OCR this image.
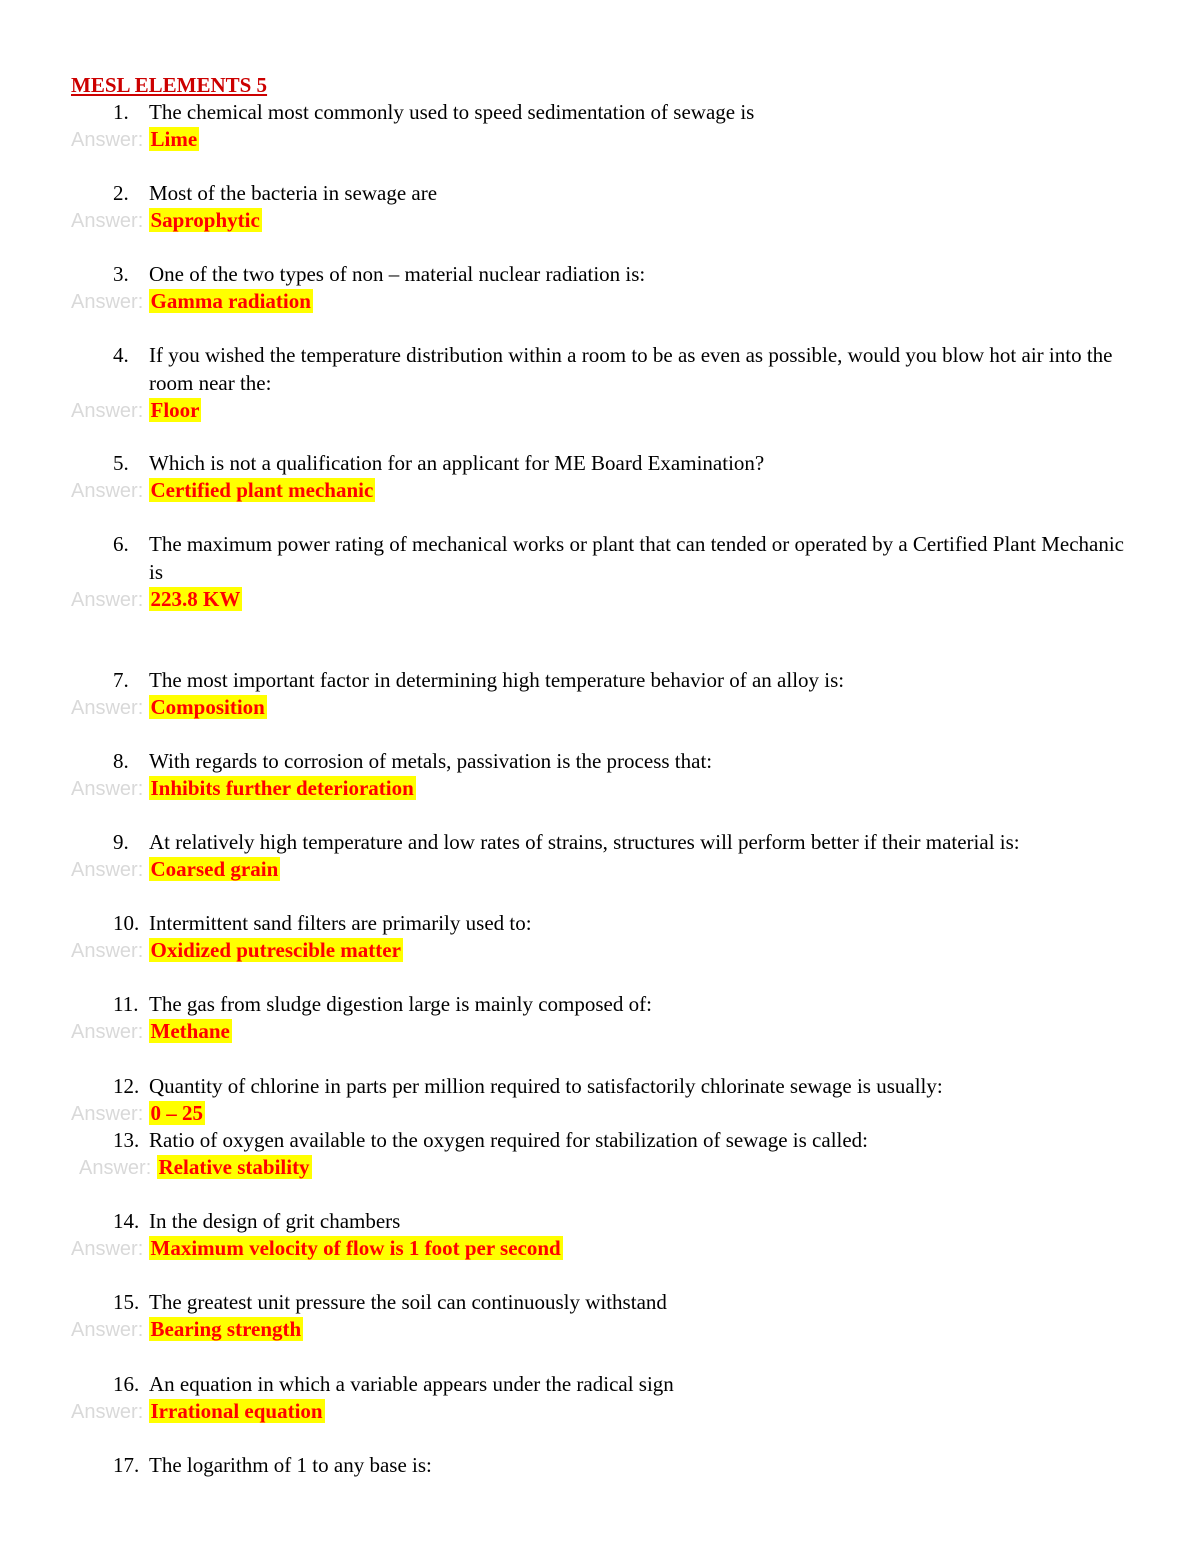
MESL ELEMENTS 5
1. The chemical most commonly used to speed sedimentation of sewage is
Answer: Lime
2. Most of the bacteria in sewage are
Answer: Saprophytic
3. One of the two types of non – material nuclear radiation is:
Answer: Gamma radiation
4. If you wished the temperature distribution within a room to be as even as possible, would you blow hot air into the room near the:
Answer: Floor
5. Which is not a qualification for an applicant for ME Board Examination?
Answer: Certified plant mechanic
6. The maximum power rating of mechanical works or plant that can tended or operated by a Certified Plant Mechanic is
Answer: 223.8 KW
7. The most important factor in determining high temperature behavior of an alloy is:
Answer: Composition
8. With regards to corrosion of metals, passivation is the process that:
Answer: Inhibits further deterioration
9. At relatively high temperature and low rates of strains, structures will perform better if their material is:
Answer: Coarsed grain
10. Intermittent sand filters are primarily used to:
Answer: Oxidized putrescible matter
11. The gas from sludge digestion large is mainly composed of:
Answer: Methane
12. Quantity of chlorine in parts per million required to satisfactorily chlorinate sewage is usually:
Answer: 0 – 25
13. Ratio of oxygen available to the oxygen required for stabilization of sewage is called:
Answer: Relative stability
14. In the design of grit chambers
Answer: Maximum velocity of flow is 1 foot per second
15. The greatest unit pressure the soil can continuously withstand
Answer: Bearing strength
16. An equation in which a variable appears under the radical sign
Answer: Irrational equation
17. The logarithm of 1 to any base is:
